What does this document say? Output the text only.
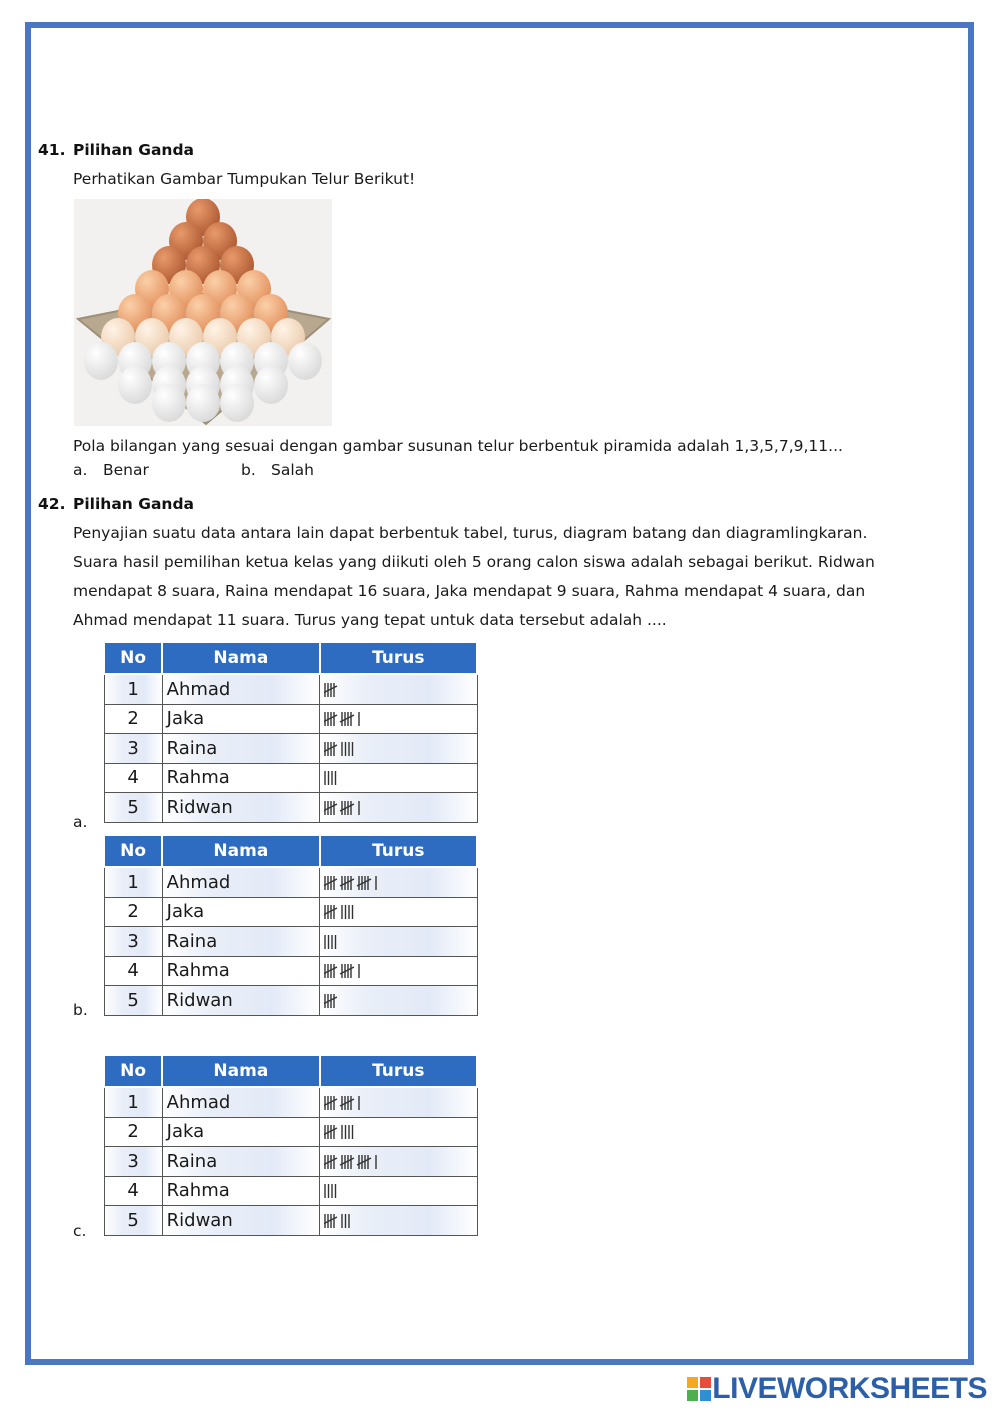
41. Pilihan Ganda
Perhatikan Gambar Tumpukan Telur Berikut!
Pola bilangan yang sesuai dengan gambar susunan telur berbentuk piramida adalah 1,3,5,7,9,11...
a. Benar	b. Salah
42. Pilihan Ganda
Penyajian suatu data antara lain dapat berbentuk tabel, turus, diagram batang dan diagramlingkaran. Suara hasil pemilihan ketua kelas yang diikuti oleh 5 orang calon siswa adalah sebagai berikut. Ridwan mendapat 8 suara, Raina mendapat 16 suara, Jaka mendapat 9 suara, Rahma mendapat 4 suara, dan Ahmad mendapat 11 suara. Turus yang tepat untuk data tersebut adalah ....
a.
No	Nama	Turus
1	Ahmad	
2	Jaka	
3	Raina	
4	Rahma	
5	Ridwan	
b.
No	Nama	Turus
1	Ahmad	
2	Jaka	
3	Raina	
4	Rahma	
5	Ridwan	
c.
No	Nama	Turus
1	Ahmad	
2	Jaka	
3	Raina	
4	Rahma	
5	Ridwan	
LIVEWORKSHEETS
